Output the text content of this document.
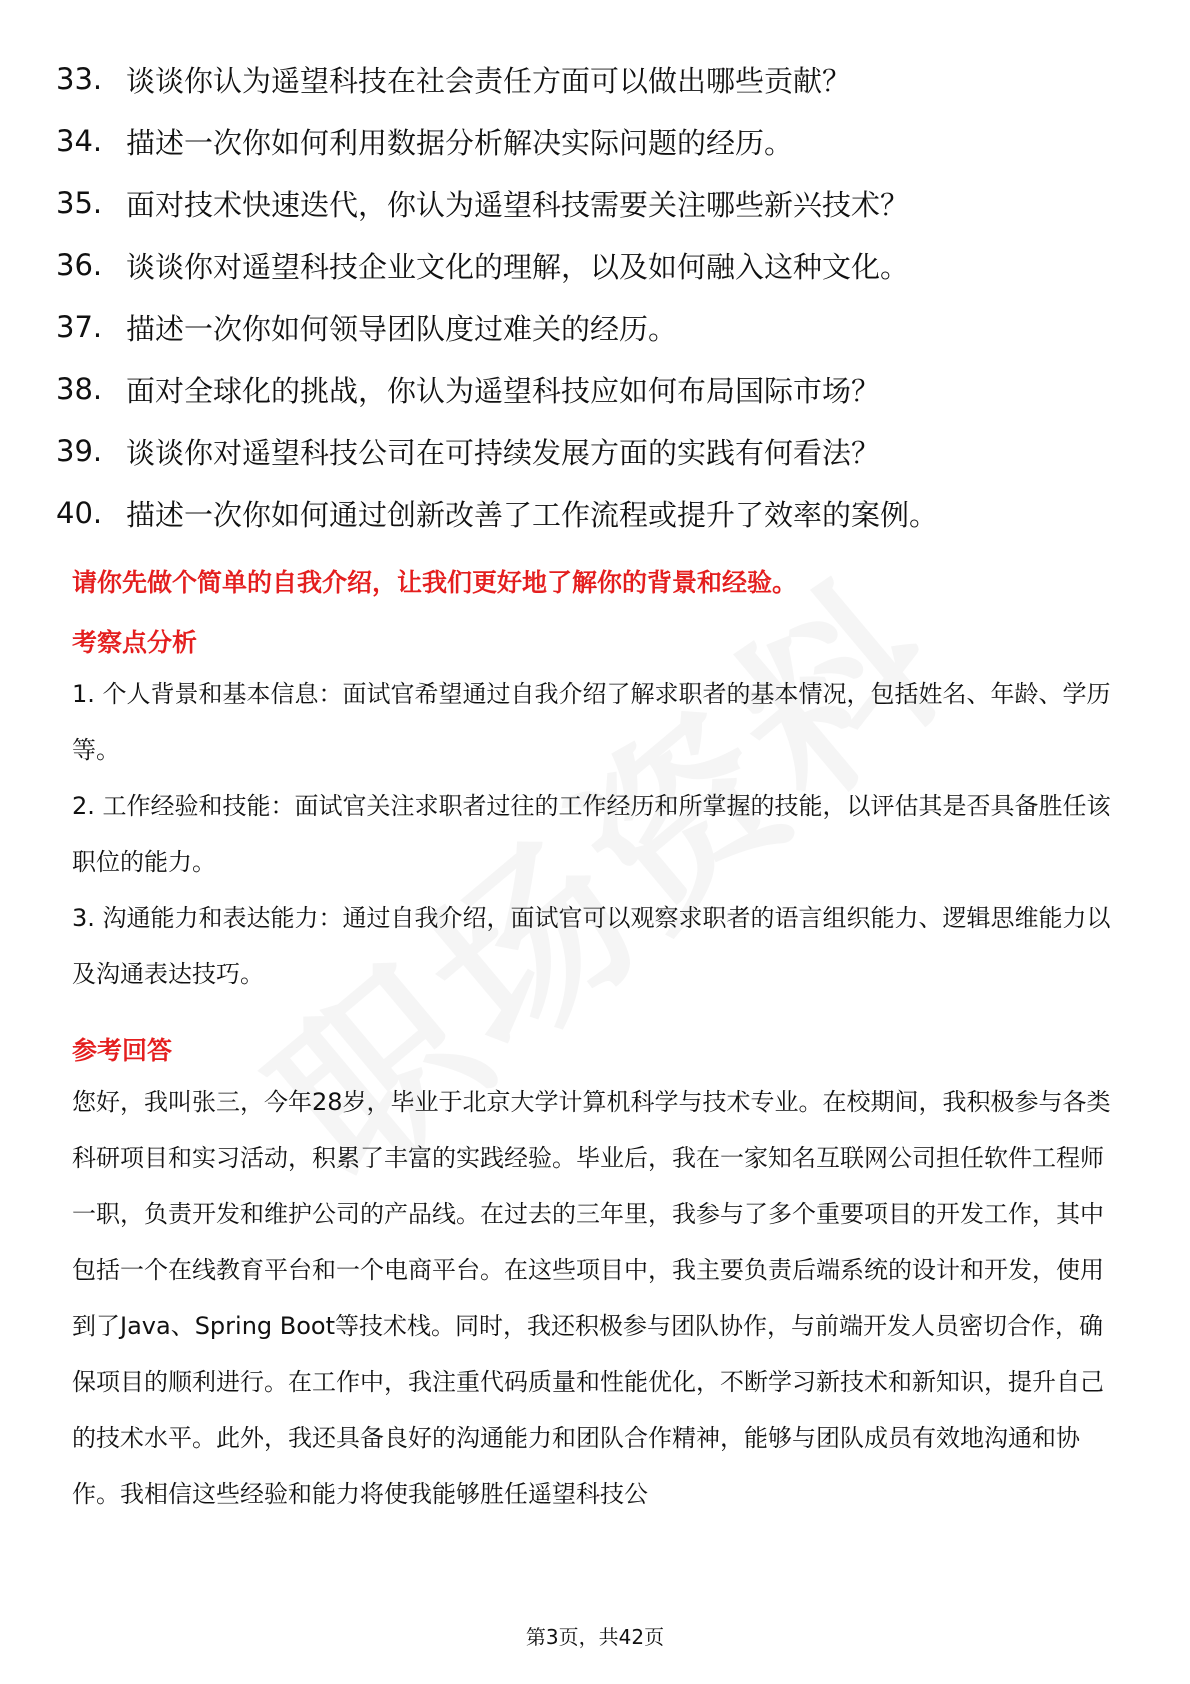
33. 谈谈你认为遥望科技在社会责任方面可以做出哪些贡献？
34. 描述一次你如何利用数据分析解决实际问题的经历。
35. 面对技术快速迭代，你认为遥望科技需要关注哪些新兴技术？
36. 谈谈你对遥望科技企业文化的理解，以及如何融入这种文化。
37. 描述一次你如何领导团队度过难关的经历。
38. 面对全球化的挑战，你认为遥望科技应如何布局国际市场？
39. 谈谈你对遥望科技公司在可持续发展方面的实践有何看法？
40. 描述一次你如何通过创新改善了工作流程或提升了效率的案例。
请你先做个简单的自我介绍，让我们更好地了解你的背景和经验。
考察点分析

1. 个人背景和基本信息：面试官希望通过自我介绍了解求职者的基本情况，包括姓名、年龄、学历等。

2. 工作经验和技能：面试官关注求职者过往的工作经历和所掌握的技能，以评估其是否具备胜任该职位的能力。

3. 沟通能力和表达能力：通过自我介绍，面试官可以观察求职者的语言组织能力、逻辑思维能力以及沟通表达技巧。

参考回答

您好，我叫张三，今年28岁，毕业于北京大学计算机科学与技术专业。在校期间，我积极参与各类科研项目和实习活动，积累了丰富的实践经验。毕业后，我在一家知名互联网公司担任软件工程师一职，负责开发和维护公司的产品线。在过去的三年里，我参与了多个重要项目的开发工作，其中包括一个在线教育平台和一个电商平台。在这些项目中，我主要负责后端系统的设计和开发，使用到了Java、Spring Boot等技术栈。同时，我还积极参与团队协作，与前端开发人员密切合作，确保项目的顺利进行。在工作中，我注重代码质量和性能优化，不断学习新技术和新知识，提升自己的技术水平。此外，我还具备良好的沟通能力和团队合作精神，能够与团队成员有效地沟通和协作。我相信这些经验和能力将使我能够胜任遥望科技公

第3页，共42页
